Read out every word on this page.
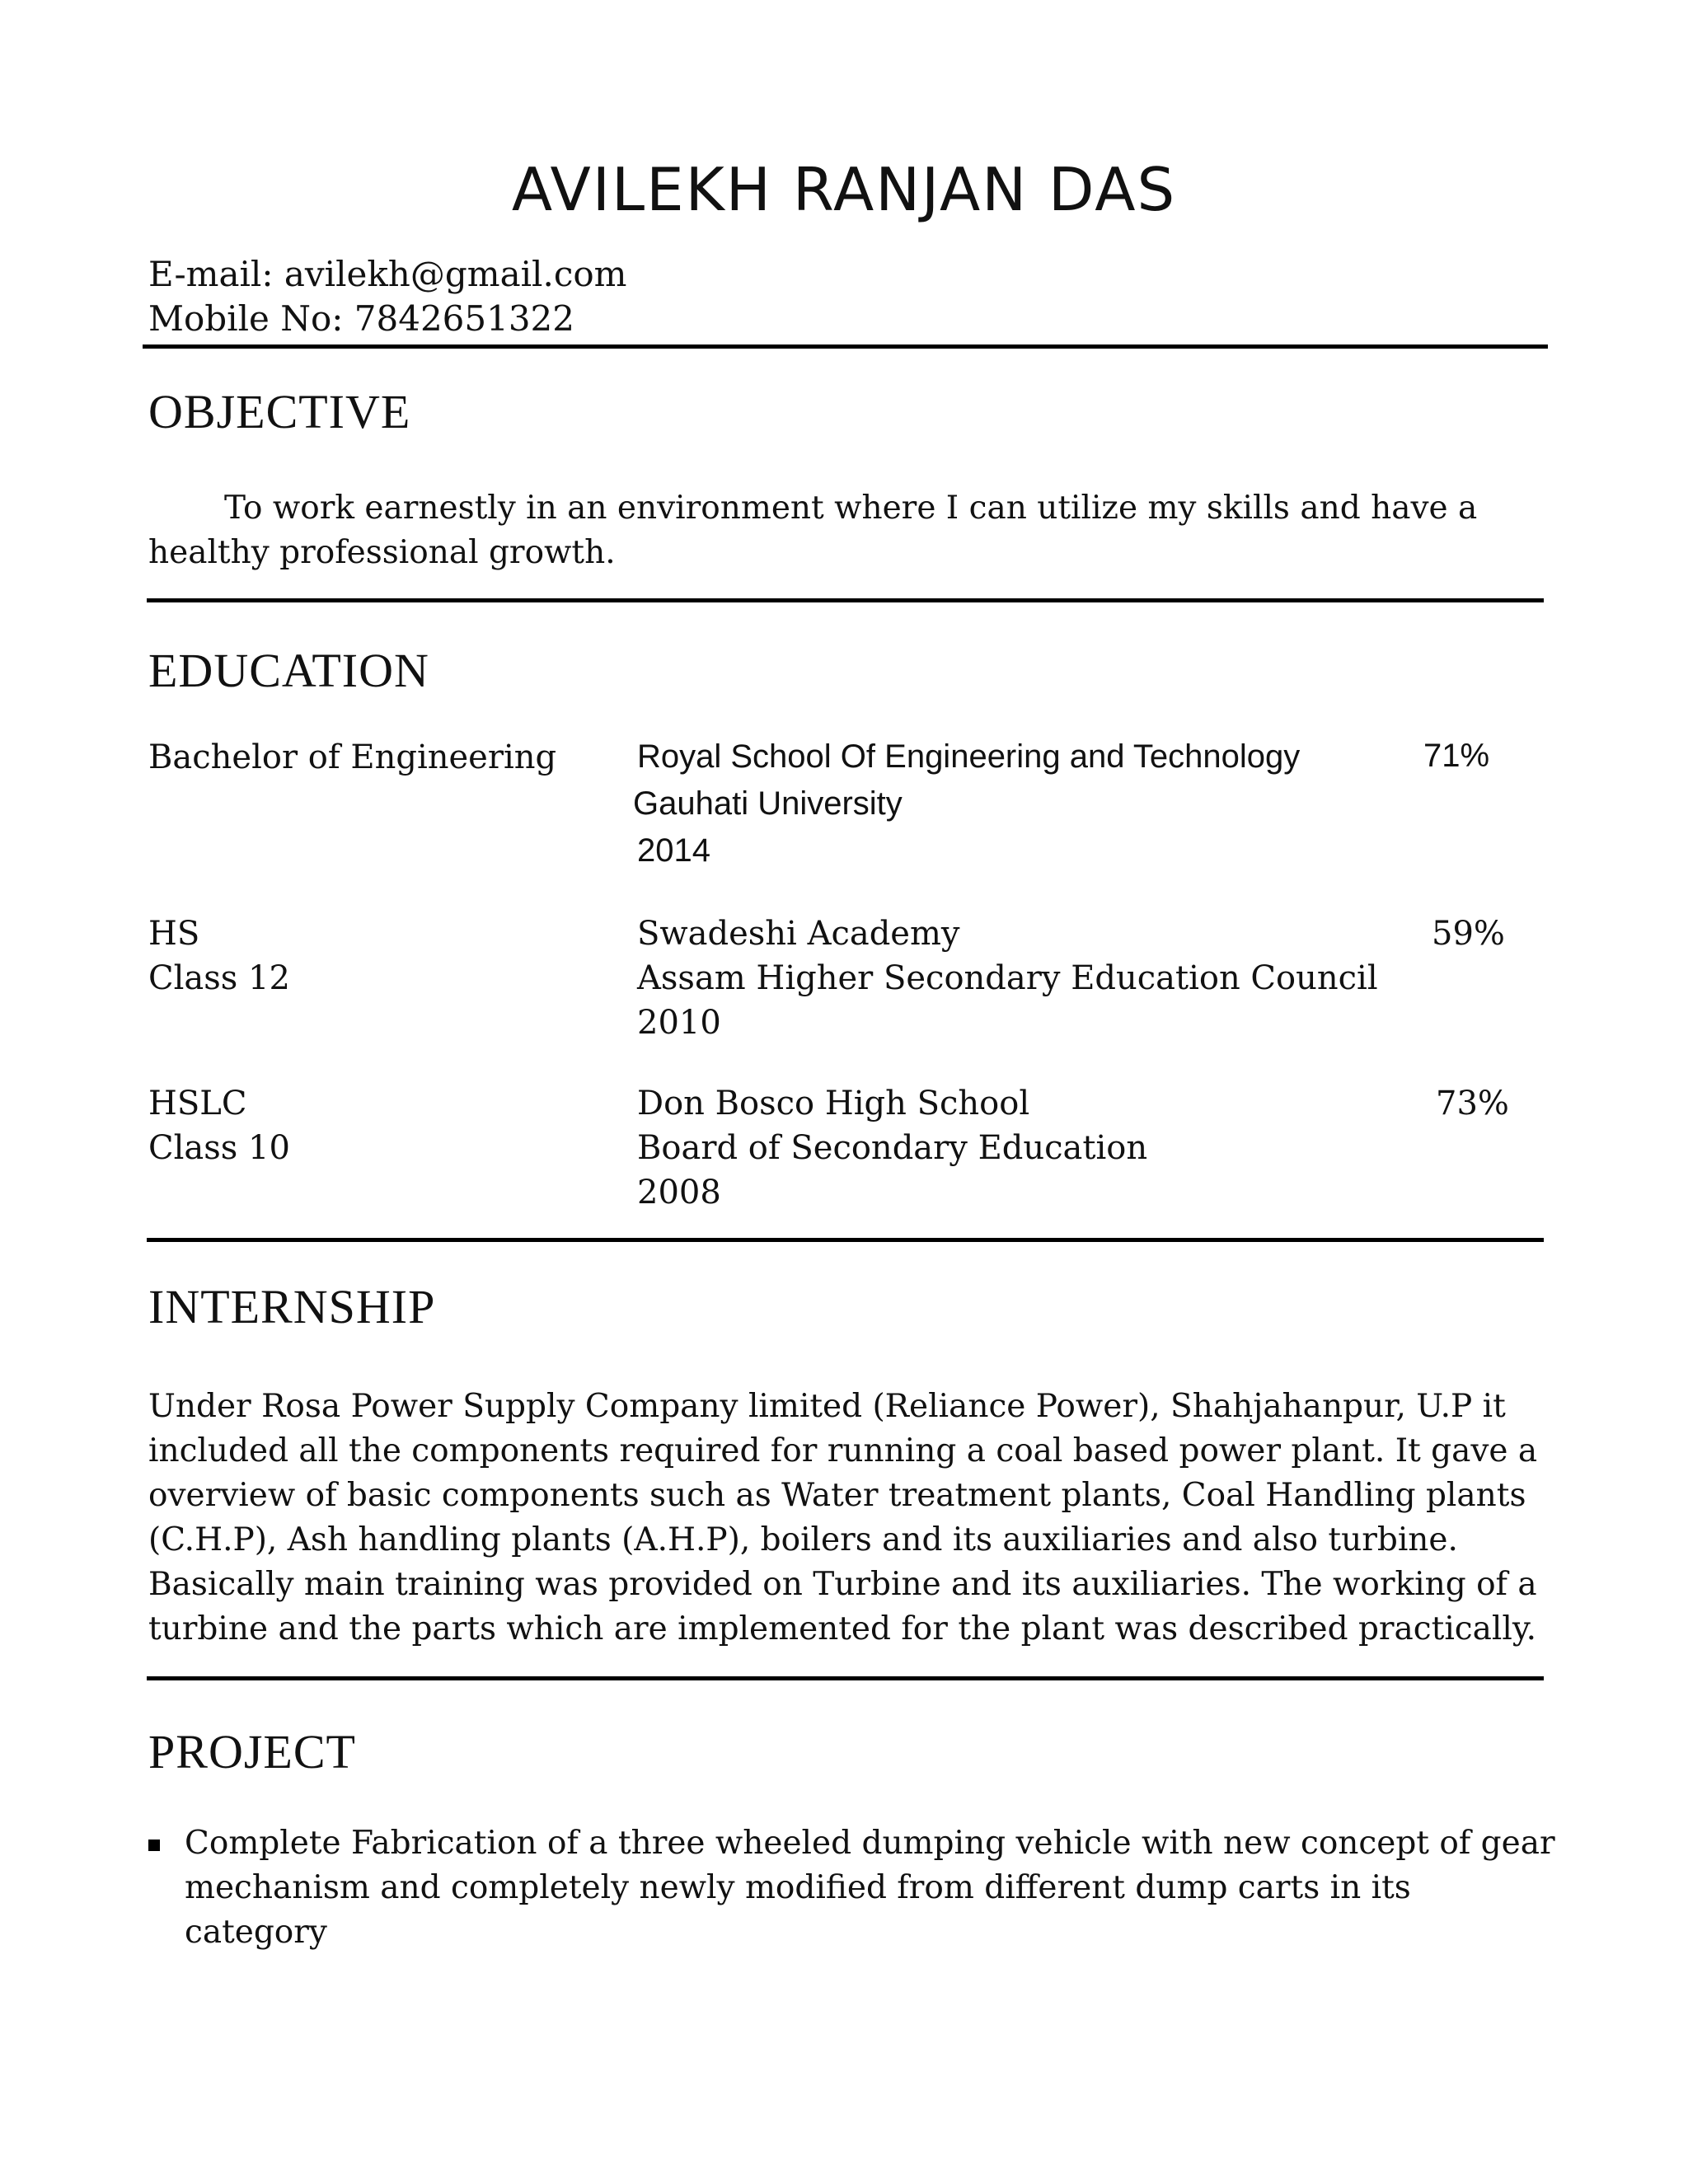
AVILEKH RANJAN DAS
E-mail: avilekh@gmail.com
Mobile No: 7842651322
OBJECTIVE
To work earnestly in an environment where I can utilize my skills and have a
healthy professional growth.
EDUCATION
Bachelor of Engineering Royal School Of Engineering and Technology
Gauhati University
2014
71%
HS
Class 12
Swadeshi Academy
Assam Higher Secondary Education Council
2010
59%
HSLC
Class 10
Don Bosco High School
Board of Secondary Education
2008
73%
INTERNSHIP
Under Rosa Power Supply Company limited (Reliance Power), Shahjahanpur, U.P it
included all the components required for running a coal based power plant. It gave a
overview of basic components such as Water treatment plants, Coal Handling plants
(C.H.P), Ash handling plants (A.H.P), boilers and its auxiliaries and also turbine.
Basically main training was provided on Turbine and its auxiliaries. The working of a
turbine and the parts which are implemented for the plant was described practically.
PROJECT
Complete Fabrication of a three wheeled dumping vehicle with new concept of gear
mechanism and completely newly modified from different dump carts in its
category
